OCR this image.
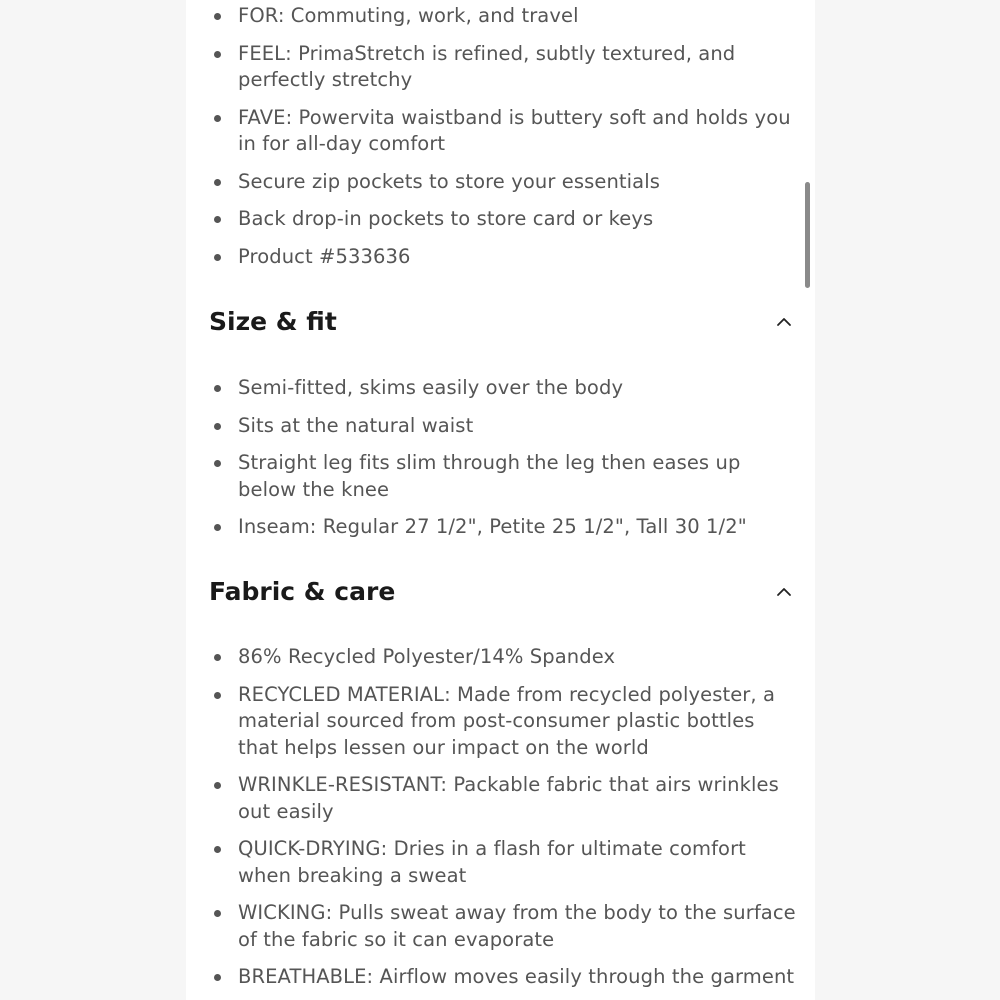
FOR: Commuting, work, and travel
FEEL: PrimaStretch is refined, subtly textured, and perfectly stretchy
FAVE: Powervita waistband is buttery soft and holds you in for all-day comfort
Secure zip pockets to store your essentials
Back drop-in pockets to store card or keys
Product #533636
Size & fit
Semi-fitted, skims easily over the body
Sits at the natural waist
Straight leg fits slim through the leg then eases up below the knee
Inseam: Regular 27 1/2", Petite 25 1/2", Tall 30 1/2"
Fabric & care
86% Recycled Polyester/14% Spandex
RECYCLED MATERIAL: Made from recycled polyester, a material sourced from post-consumer plastic bottles that helps lessen our impact on the world
WRINKLE-RESISTANT: Packable fabric that airs wrinkles out easily
QUICK-DRYING: Dries in a flash for ultimate comfort when breaking a sweat
WICKING: Pulls sweat away from the body to the surface of the fabric so it can evaporate
BREATHABLE: Airflow moves easily through the garment
